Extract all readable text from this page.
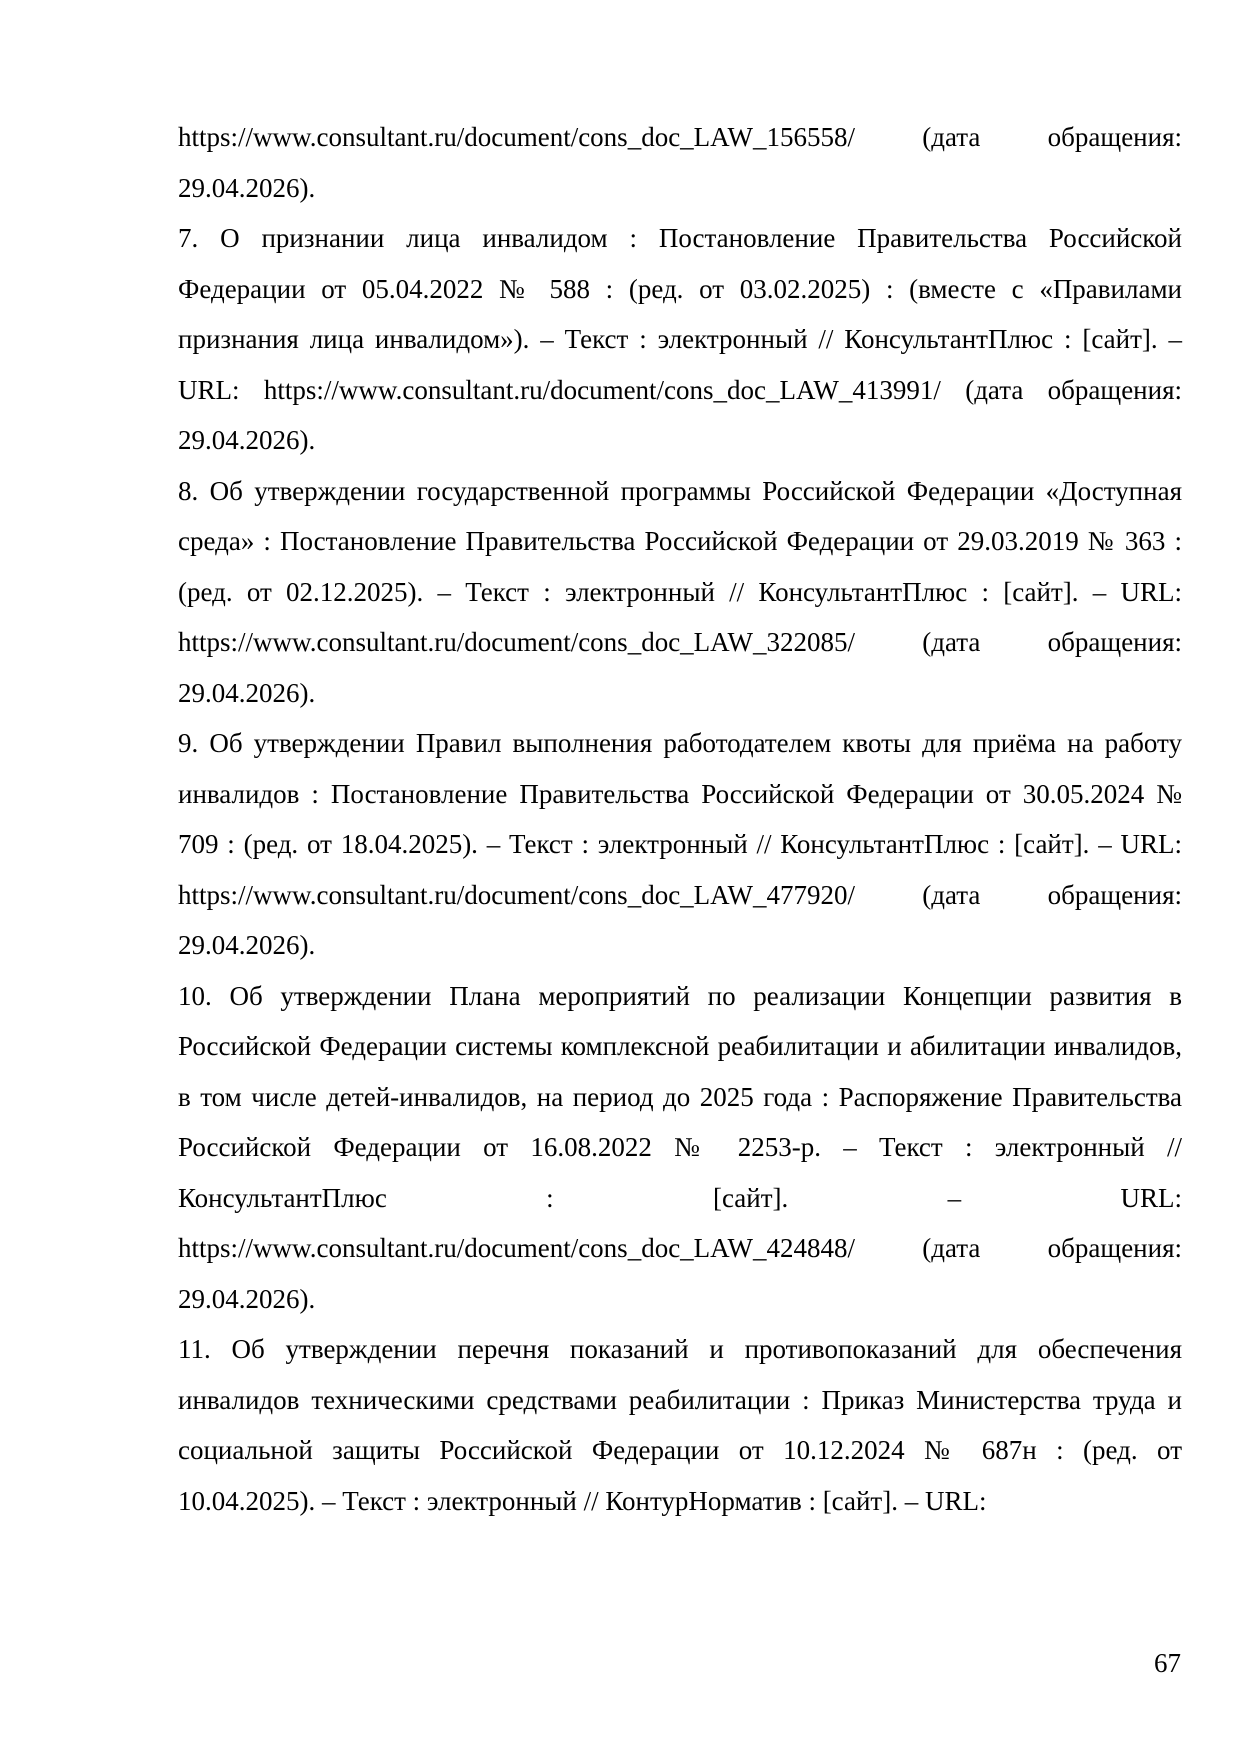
https://www.consultant.ru/document/cons_doc_LAW_156558/ (дата обращения: 29.04.2026).

7. О признании лица инвалидом : Постановление Правительства Российской Федерации от 05.04.2022 № 588 : (ред. от 03.02.2025) : (вместе с «Правилами признания лица инвалидом»). – Текст : электронный // КонсультантПлюс : [сайт]. – URL: https://www.consultant.ru/document/cons_doc_LAW_413991/ (дата обращения: 29.04.2026).

8. Об утверждении государственной программы Российской Федерации «Доступная среда» : Постановление Правительства Российской Федерации от 29.03.2019 № 363 : (ред. от 02.12.2025). – Текст : электронный // КонсультантПлюс : [сайт]. – URL: https://www.consultant.ru/document/cons_doc_LAW_322085/ (дата обращения: 29.04.2026).

9. Об утверждении Правил выполнения работодателем квоты для приёма на работу инвалидов : Постановление Правительства Российской Федерации от 30.05.2024 № 709 : (ред. от 18.04.2025). – Текст : электронный // КонсультантПлюс : [сайт]. – URL: https://www.consultant.ru/document/cons_doc_LAW_477920/ (дата обращения: 29.04.2026).

10. Об утверждении Плана мероприятий по реализации Концепции развития в Российской Федерации системы комплексной реабилитации и абилитации инвалидов, в том числе детей-инвалидов, на период до 2025 года : Распоряжение Правительства Российской Федерации от 16.08.2022 № 2253-р. – Текст : электронный // КонсультантПлюс : [сайт]. – URL: https://www.consultant.ru/document/cons_doc_LAW_424848/ (дата обращения: 29.04.2026).

11. Об утверждении перечня показаний и противопоказаний для обеспечения инвалидов техническими средствами реабилитации : Приказ Министерства труда и социальной защиты Российской Федерации от 10.12.2024 № 687н : (ред. от 10.04.2025). – Текст : электронный // КонтурНорматив : [сайт]. – URL:

67
